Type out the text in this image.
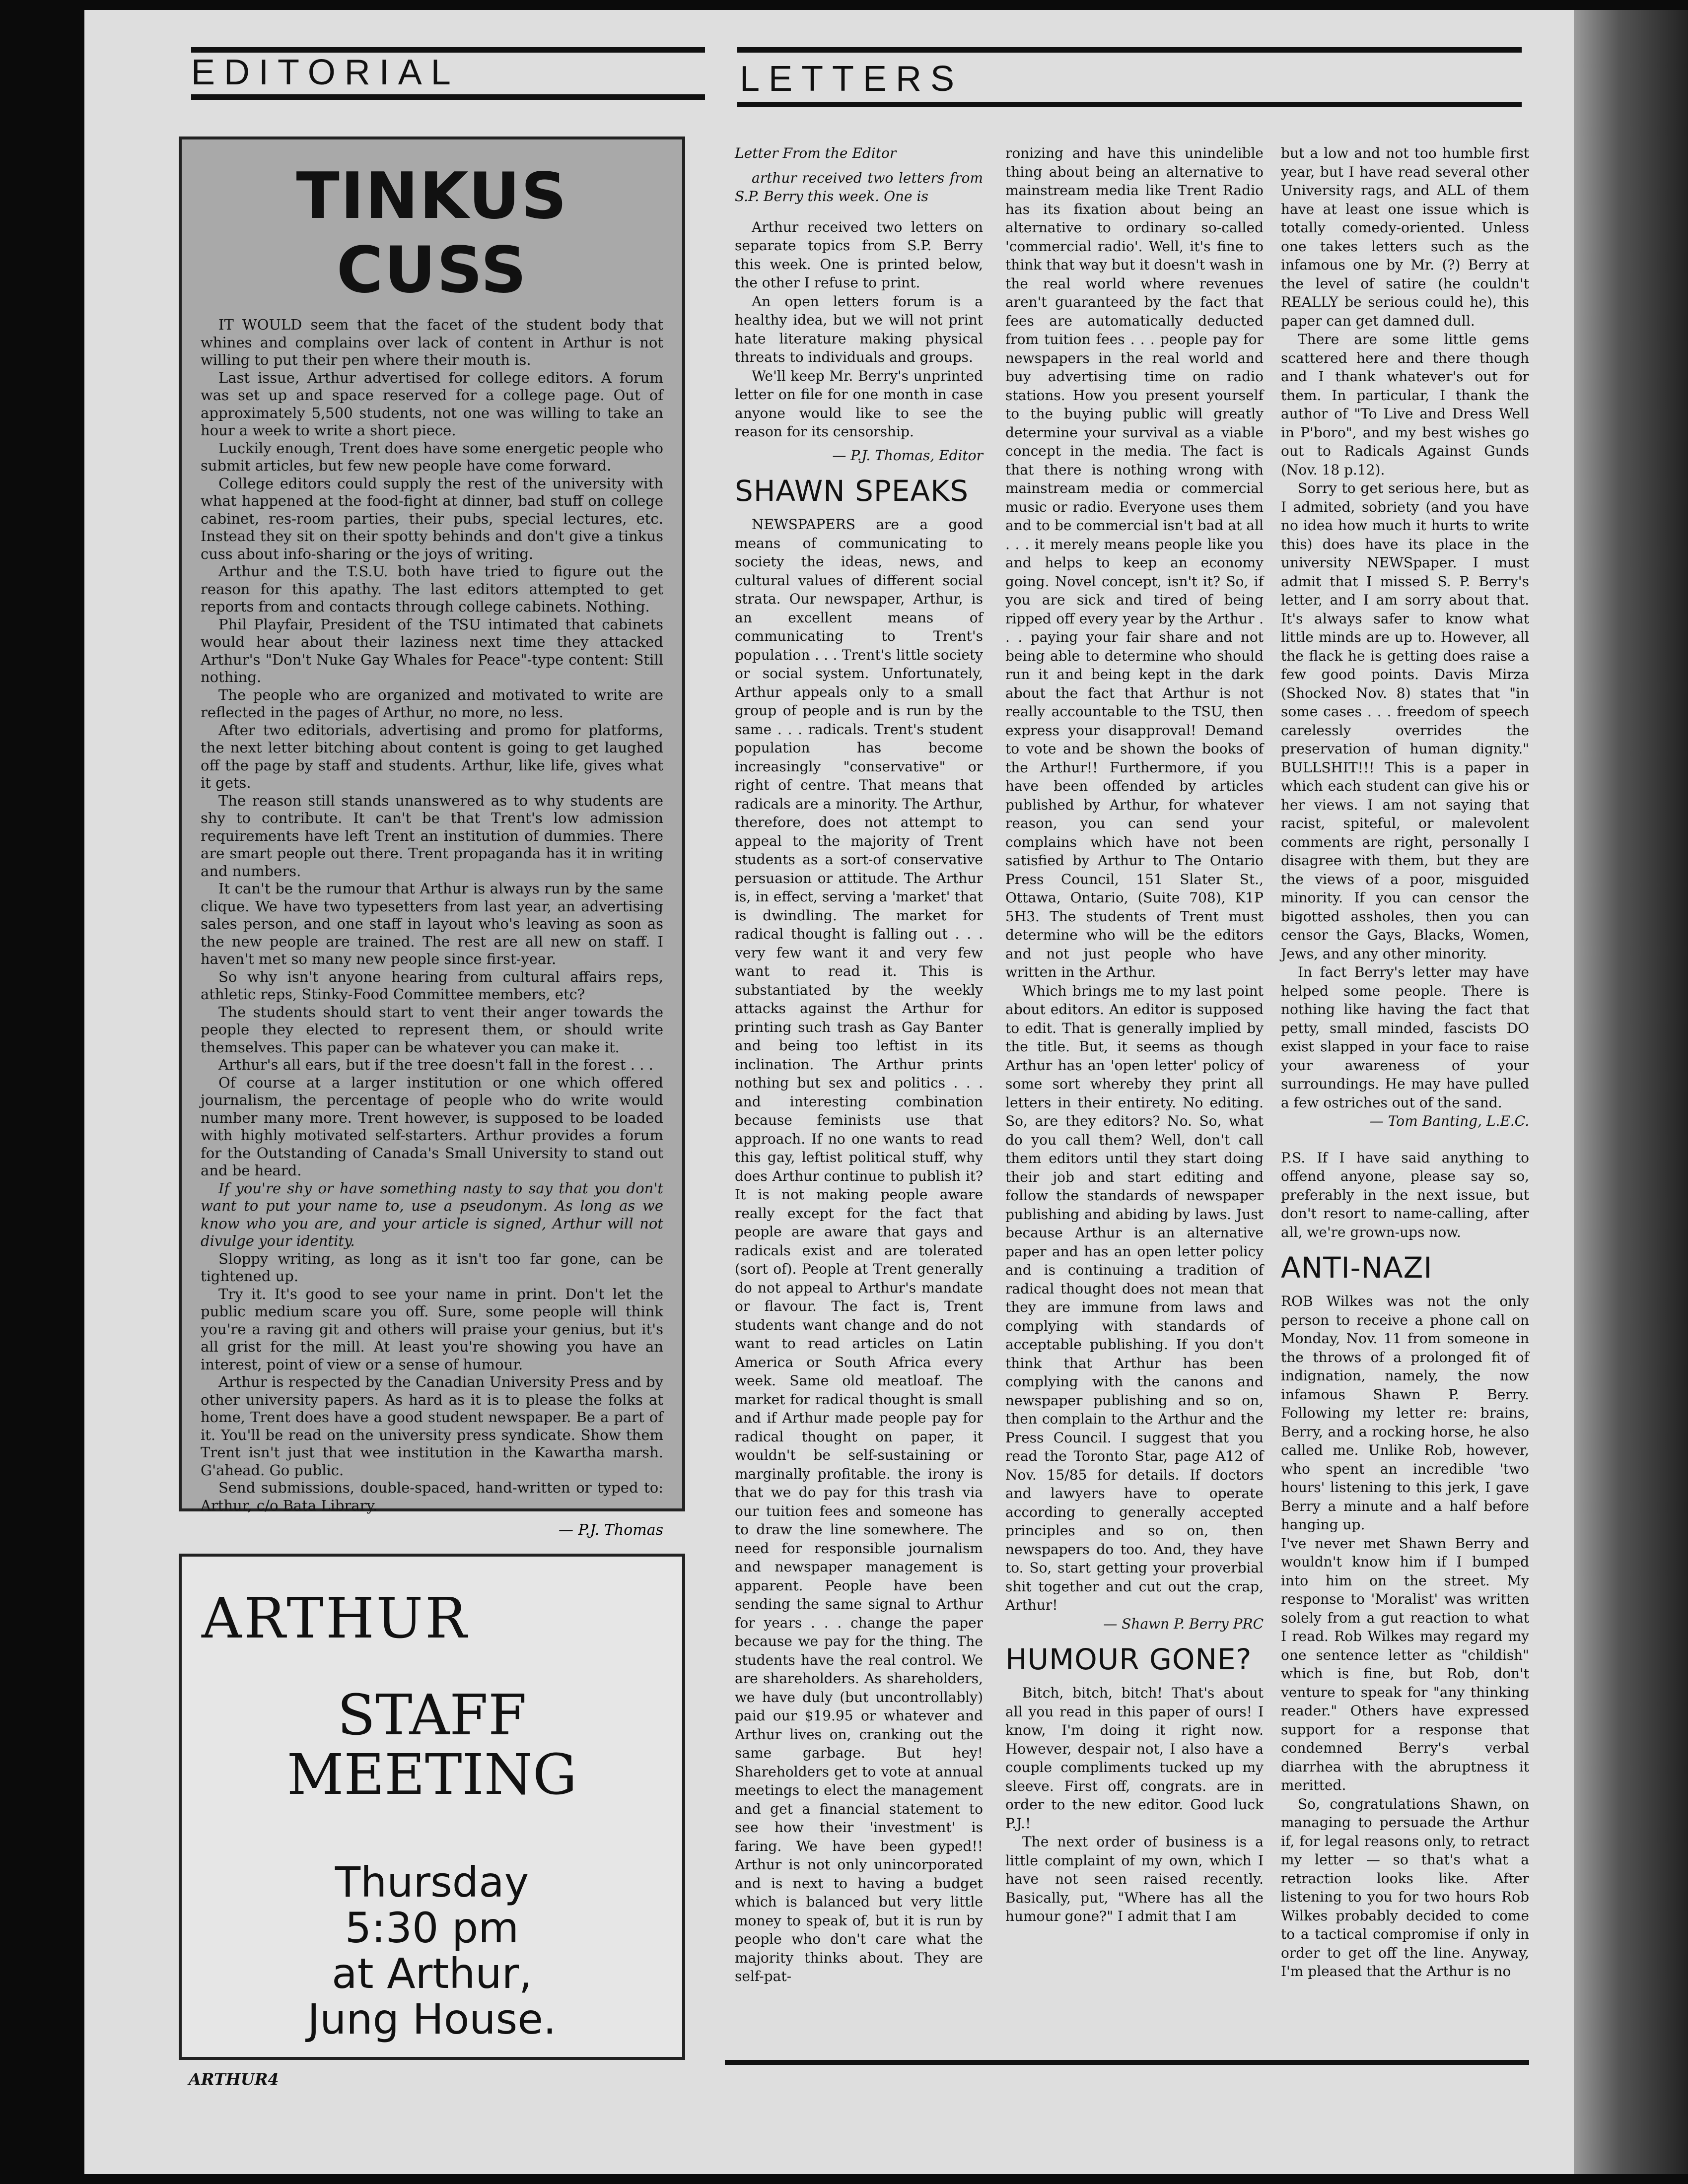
EDITORIAL	LETTERS
TINKUS CUSS

IT WOULD seem that the facet of the student body that whines and complains over lack of content in Arthur is not willing to put their pen where their mouth is.

Last issue, Arthur advertised for college editors. A forum was set up and space reserved for a college page. Out of approximately 5,500 students, not one was willing to take an hour a week to write a short piece.

Luckily enough, Trent does have some energetic people who submit articles, but few new people have come forward.

College editors could supply the rest of the university with what happened at the food-fight at dinner, bad stuff on college cabinet, res-room parties, their pubs, special lectures, etc. Instead they sit on their spotty behinds and don't give a tinkus cuss about info-sharing or the joys of writing.

Arthur and the T.S.U. both have tried to figure out the reason for this apathy. The last editors attempted to get reports from and contacts through college cabinets. Nothing.

Phil Playfair, President of the TSU intimated that cabinets would hear about their laziness next time they attacked Arthur's "Don't Nuke Gay Whales for Peace"-type content: Still nothing.

The people who are organized and motivated to write are reflected in the pages of Arthur, no more, no less.

After two editorials, advertising and promo for platforms, the next letter bitching about content is going to get laughed off the page by staff and students. Arthur, like life, gives what it gets.

The reason still stands unanswered as to why students are shy to contribute. It can't be that Trent's low admission requirements have left Trent an institution of dummies. There are smart people out there. Trent propaganda has it in writing and numbers.

It can't be the rumour that Arthur is always run by the same clique. We have two typesetters from last year, an advertising sales person, and one staff in layout who's leaving as soon as the new people are trained. The rest are all new on staff. I haven't met so many new people since first-year.

So why isn't anyone hearing from cultural affairs reps, athletic reps, Stinky-Food Committee members, etc?

The students should start to vent their anger towards the people they elected to represent them, or should write themselves. This paper can be whatever you can make it.

Arthur's all ears, but if the tree doesn't fall in the forest . . .

Of course at a larger institution or one which offered journalism, the percentage of people who do write would number many more. Trent however, is supposed to be loaded with highly motivated self-starters. Arthur provides a forum for the Outstanding of Canada's Small University to stand out and be heard.

If you're shy or have something nasty to say that you don't want to put your name to, use a pseudonym. As long as we know who you are, and your article is signed, Arthur will not divulge your identity.

Sloppy writing, as long as it isn't too far gone, can be tightened up.

Try it. It's good to see your name in print. Don't let the public medium scare you off. Sure, some people will think you're a raving git and others will praise your genius, but it's all grist for the mill. At least you're showing you have an interest, point of view or a sense of humour.

Arthur is respected by the Canadian University Press and by other university papers. As hard as it is to please the folks at home, Trent does have a good student newspaper. Be a part of it. You'll be read on the university press syndicate. Show them Trent isn't just that wee institution in the Kawartha marsh. G'ahead. Go public.

Send submissions, double-spaced, hand-written or typed to: Arthur, c/o Bata Library.

— P.J. Thomas
ARTHUR
STAFF
MEETING
Thursday
5:30 pm
at Arthur,
Jung House.
ARTHUR4

Letter From the Editor

arthur received two letters from S.P. Berry this week. One is

Arthur received two letters on separate topics from S.P. Berry this week. One is printed below, the other I refuse to print.

An open letters forum is a healthy idea, but we will not print hate literature making physical threats to individuals and groups.

We'll keep Mr. Berry's unprinted letter on file for one month in case anyone would like to see the reason for its censorship.

— P.J. Thomas, Editor

SHAWN SPEAKS

NEWSPAPERS are a good means of communicating to society the ideas, news, and cultural values of different social strata. Our newspaper, Arthur, is an excellent means of communicating to Trent's population . . . Trent's little society or social system. Unfortunately, Arthur appeals only to a small group of people and is run by the same . . . radicals. Trent's student population has become increasingly "conservative" or right of centre. That means that radicals are a minority. The Arthur, therefore, does not attempt to appeal to the majority of Trent students as a sort-of conservative persuasion or attitude. The Arthur is, in effect, serving a 'market' that is dwindling. The market for radical thought is falling out . . . very few want it and very few want to read it. This is substantiated by the weekly attacks against the Arthur for printing such trash as Gay Banter and being too leftist in its inclination. The Arthur prints nothing but sex and politics . . . and interesting combination because feminists use that approach. If no one wants to read this gay, leftist political stuff, why does Arthur continue to publish it? It is not making people aware really except for the fact that people are aware that gays and radicals exist and are tolerated (sort of). People at Trent generally do not appeal to Arthur's mandate or flavour. The fact is, Trent students want change and do not want to read articles on Latin America or South Africa every week. Same old meatloaf. The market for radical thought is small and if Arthur made people pay for radical thought on paper, it wouldn't be self-sustaining or marginally profitable. the irony is that we do pay for this trash via our tuition fees and someone has to draw the line somewhere. The need for responsible journalism and newspaper management is apparent. People have been sending the same signal to Arthur for years . . . change the paper because we pay for the thing. The students have the real control. We are shareholders. As shareholders, we have duly (but uncontrollably) paid our $19.95 or whatever and Arthur lives on, cranking out the same garbage. But hey! Shareholders get to vote at annual meetings to elect the management and get a financial statement to see how their 'investment' is faring. We have been gyped!! Arthur is not only unincorporated and is next to having a budget which is balanced but very little money to speak of, but it is run by people who don't care what the majority thinks about. They are self-pat-

ronizing and have this unindelible thing about being an alternative to mainstream media like Trent Radio has its fixation about being an alternative to ordinary so-called 'commercial radio'. Well, it's fine to think that way but it doesn't wash in the real world where revenues aren't guaranteed by the fact that fees are automatically deducted from tuition fees . . . people pay for newspapers in the real world and buy advertising time on radio stations. How you present yourself to the buying public will greatly determine your survival as a viable concept in the media. The fact is that there is nothing wrong with mainstream media or commercial music or radio. Everyone uses them and to be commercial isn't bad at all . . . it merely means people like you and helps to keep an economy going. Novel concept, isn't it? So, if you are sick and tired of being ripped off every year by the Arthur . . . paying your fair share and not being able to determine who should run it and being kept in the dark about the fact that Arthur is not really accountable to the TSU, then express your disapproval! Demand to vote and be shown the books of the Arthur!! Furthermore, if you have been offended by articles published by Arthur, for whatever reason, you can send your complains which have not been satisfied by Arthur to The Ontario Press Council, 151 Slater St., Ottawa, Ontario, (Suite 708), K1P 5H3. The students of Trent must determine who will be the editors and not just people who have written in the Arthur.

Which brings me to my last point about editors. An editor is supposed to edit. That is generally implied by the title. But, it seems as though Arthur has an 'open letter' policy of some sort whereby they print all letters in their entirety. No editing. So, are they editors? No. So, what do you call them? Well, don't call them editors until they start doing their job and start editing and follow the standards of newspaper publishing and abiding by laws. Just because Arthur is an alternative paper and has an open letter policy and is continuing a tradition of radical thought does not mean that they are immune from laws and complying with standards of acceptable publishing. If you don't think that Arthur has been complying with the canons and newspaper publishing and so on, then complain to the Arthur and the Press Council. I suggest that you read the Toronto Star, page A12 of Nov. 15/85 for details. If doctors and lawyers have to operate according to generally accepted principles and so on, then newspapers do too. And, they have to. So, start getting your proverbial shit together and cut out the crap, Arthur!

— Shawn P. Berry PRC

HUMOUR GONE?

Bitch, bitch, bitch! That's about all you read in this paper of ours! I know, I'm doing it right now. However, despair not, I also have a couple compliments tucked up my sleeve. First off, congrats. are in order to the new editor. Good luck P.J.!

The next order of business is a little complaint of my own, which I have not seen raised recently. Basically, put, "Where has all the humour gone?" I admit that I am

but a low and not too humble first year, but I have read several other University rags, and ALL of them have at least one issue which is totally comedy-oriented. Unless one takes letters such as the infamous one by Mr. (?) Berry at the level of satire (he couldn't REALLY be serious could he), this paper can get damned dull.

There are some little gems scattered here and there though and I thank whatever's out for them. In particular, I thank the author of "To Live and Dress Well in P'boro", and my best wishes go out to Radicals Against Gunds (Nov. 18 p.12).

Sorry to get serious here, but as I admited, sobriety (and you have no idea how much it hurts to write this) does have its place in the university NEWSpaper. I must admit that I missed S. P. Berry's letter, and I am sorry about that. It's always safer to know what little minds are up to. However, all the flack he is getting does raise a few good points. Davis Mirza (Shocked Nov. 8) states that "in some cases . . . freedom of speech carelessly overrides the preservation of human dignity." BULLSHIT!!! This is a paper in which each student can give his or her views. I am not saying that racist, spiteful, or malevolent comments are right, personally I disagree with them, but they are the views of a poor, misguided minority. If you can censor the bigotted assholes, then you can censor the Gays, Blacks, Women, Jews, and any other minority.

In fact Berry's letter may have helped some people. There is nothing like having the fact that petty, small minded, fascists DO exist slapped in your face to raise your awareness of your surroundings. He may have pulled a few ostriches out of the sand.

— Tom Banting, L.E.C.

P.S. If I have said anything to offend anyone, please say so, preferably in the next issue, but don't resort to name-calling, after all, we're grown-ups now.

ANTI-NAZI

ROB Wilkes was not the only person to receive a phone call on Monday, Nov. 11 from someone in the throws of a prolonged fit of indignation, namely, the now infamous Shawn P. Berry. Following my letter re: brains, Berry, and a rocking horse, he also called me. Unlike Rob, however, who spent an incredible 'two hours' listening to this jerk, I gave Berry a minute and a half before hanging up.

I've never met Shawn Berry and wouldn't know him if I bumped into him on the street. My response to 'Moralist' was written solely from a gut reaction to what I read. Rob Wilkes may regard my one sentence letter as "childish" which is fine, but Rob, don't venture to speak for "any thinking reader." Others have expressed support for a response that condemned Berry's verbal diarrhea with the abruptness it meritted.

So, congratulations Shawn, on managing to persuade the Arthur if, for legal reasons only, to retract my letter — so that's what a retraction looks like. After listening to you for two hours Rob Wilkes probably decided to come to a tactical compromise if only in order to get off the line. Anyway, I'm pleased that the Arthur is no
